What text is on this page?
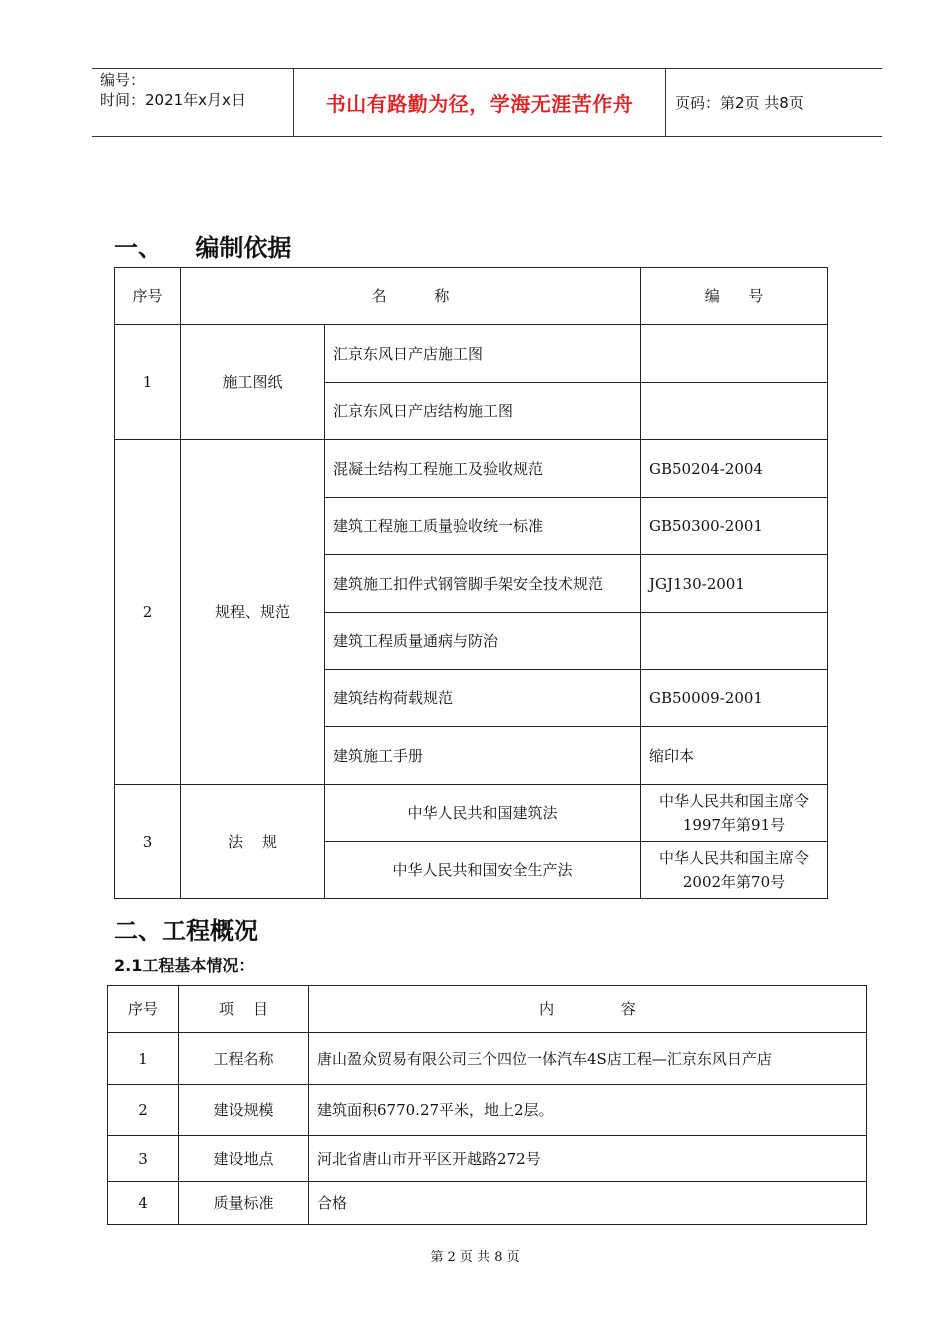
编号：
时间：2021年x月x日	书山有路勤为径，学海无涯苦作舟	页码：第2页 共8页
一、    编制依据
序号	名          称		编      号
1	施工图纸	汇京东风日产店施工图	
		汇京东风日产店结构施工图	
2	规程、规范	混凝土结构工程施工及验收规范	GB50204-2004
		建筑工程施工质量验收统一标准	GB50300-2001
		建筑施工扣件式钢管脚手架安全技术规范	JGJ130-2001
		建筑工程质量通病与防治	
		建筑结构荷载规范	GB50009-2001
		建筑施工手册	缩印本
3	法    规	中华人民共和国建筑法	中华人民共和国主席令1997年第91号
		中华人民共和国安全生产法	中华人民共和国主席令2002年第70号
二、工程概况
2.1工程基本情况：
序号	项    目	内              容
1	工程名称	唐山盈众贸易有限公司三个四位一体汽车4S店工程—汇京东风日产店
2	建设规模	建筑面积6770.27平米，地上2层。
3	建设地点	河北省唐山市开平区开越路272号
4	质量标准	合格
第 2 页 共 8 页
